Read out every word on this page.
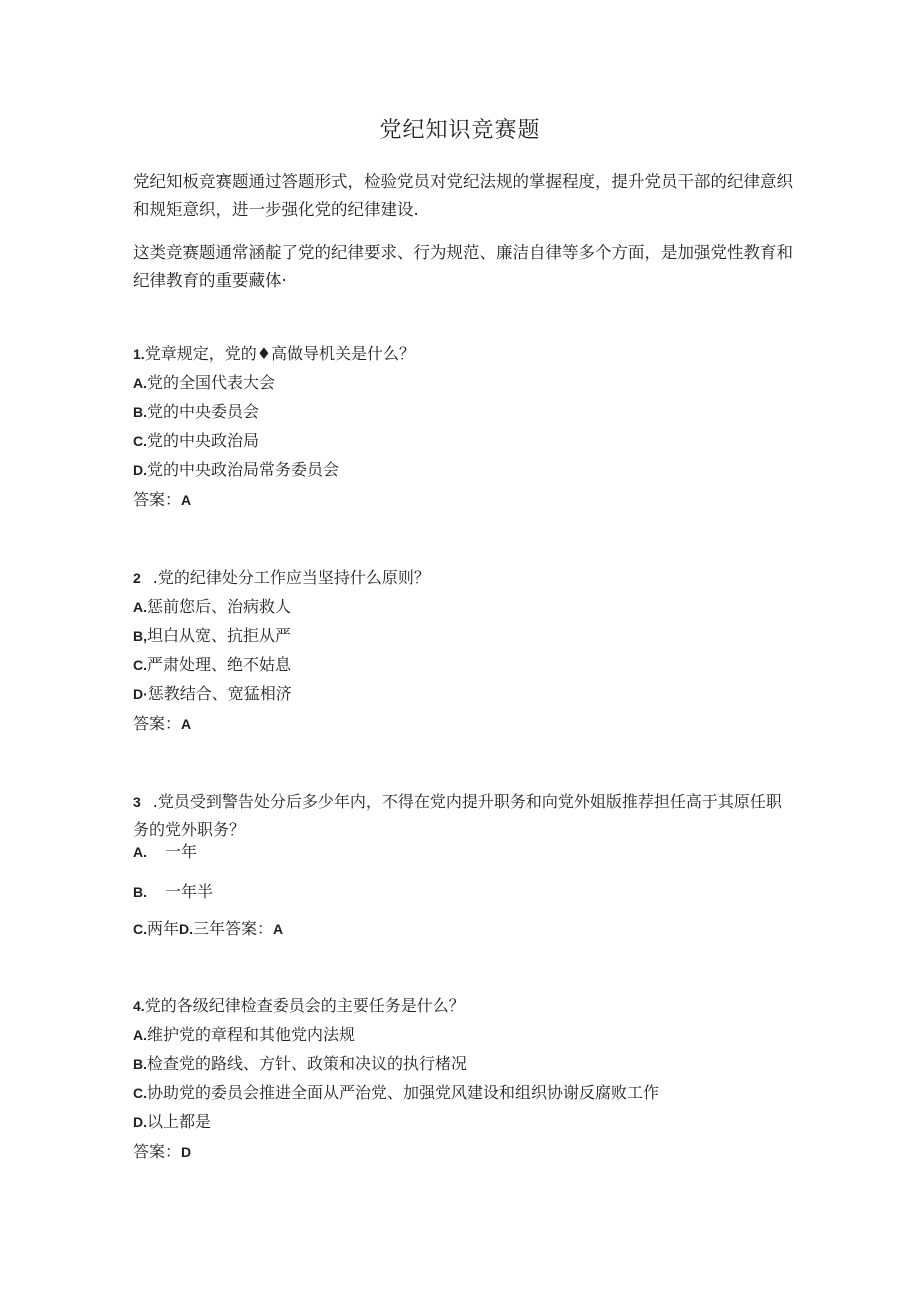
党纪知识竞赛题
党纪知板竞赛题通过答题形式，检验党员对党纪法规的掌握程度，提升党员干部的纪律意织和规矩意织，进一步强化党的纪律建设.
这类竞赛题通常涵靛了党的纪律要求、行为规范、廉洁自律等多个方面，是加强党性教育和纪律教育的重要藏体·
1.党章规定，党的♦高做导机关是什么？
A.党的全国代表大会
B.党的中央委员会
C.党的中央政治局
D.党的中央政治局常务委员会
答案：A
2 .党的纪律处分工作应当坚持什么原则？
A.惩前您后、治病救人
B,坦白从宽、抗拒从严
C.严肃处理、绝不姑息
D·惩教结合、宽猛相济
答案：A
3 .党员受到警告处分后多少年内，不得在党内提升职务和向党外姐版推荐担任高于其原任职务的党外职务？
A. 一年
B. 一年半
C.两年D.三年答案：A
4.党的各级纪律检查委员会的主要任务是什么？
A.维护党的章程和其他党内法规
B.检查党的路线、方针、政策和决议的执行楮况
C.协助党的委员会推进全面从严治党、加强党风建设和组织协谢反腐败工作
D.以上都是
答案：D
